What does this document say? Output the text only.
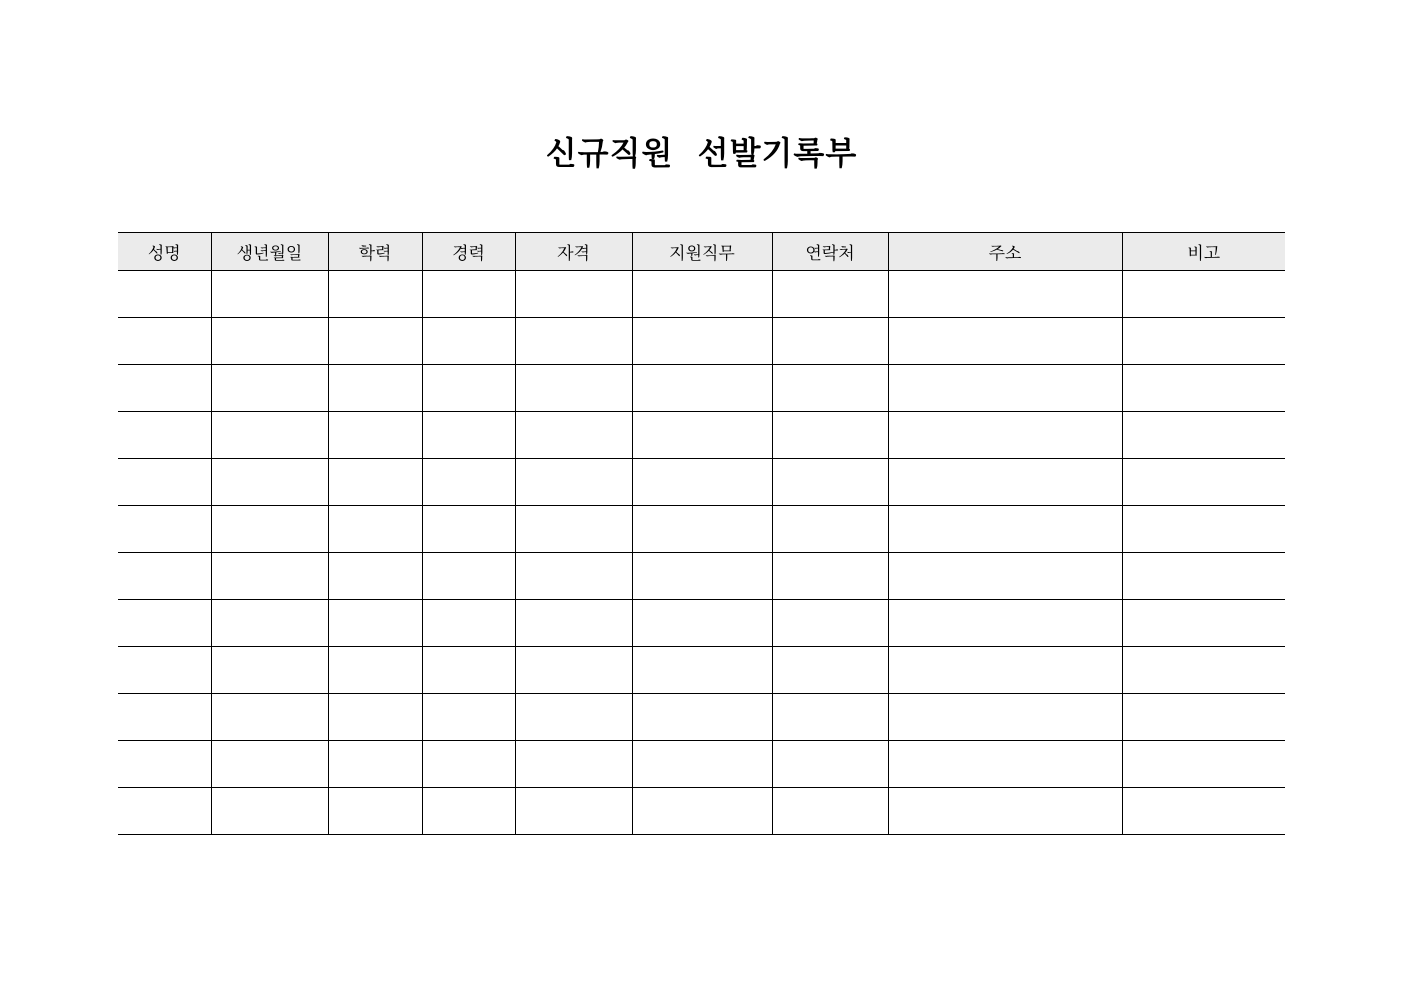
신규직원  선발기록부
성명	생년월일	학력	경력	자격	지원직무	연락처	주소	비고
